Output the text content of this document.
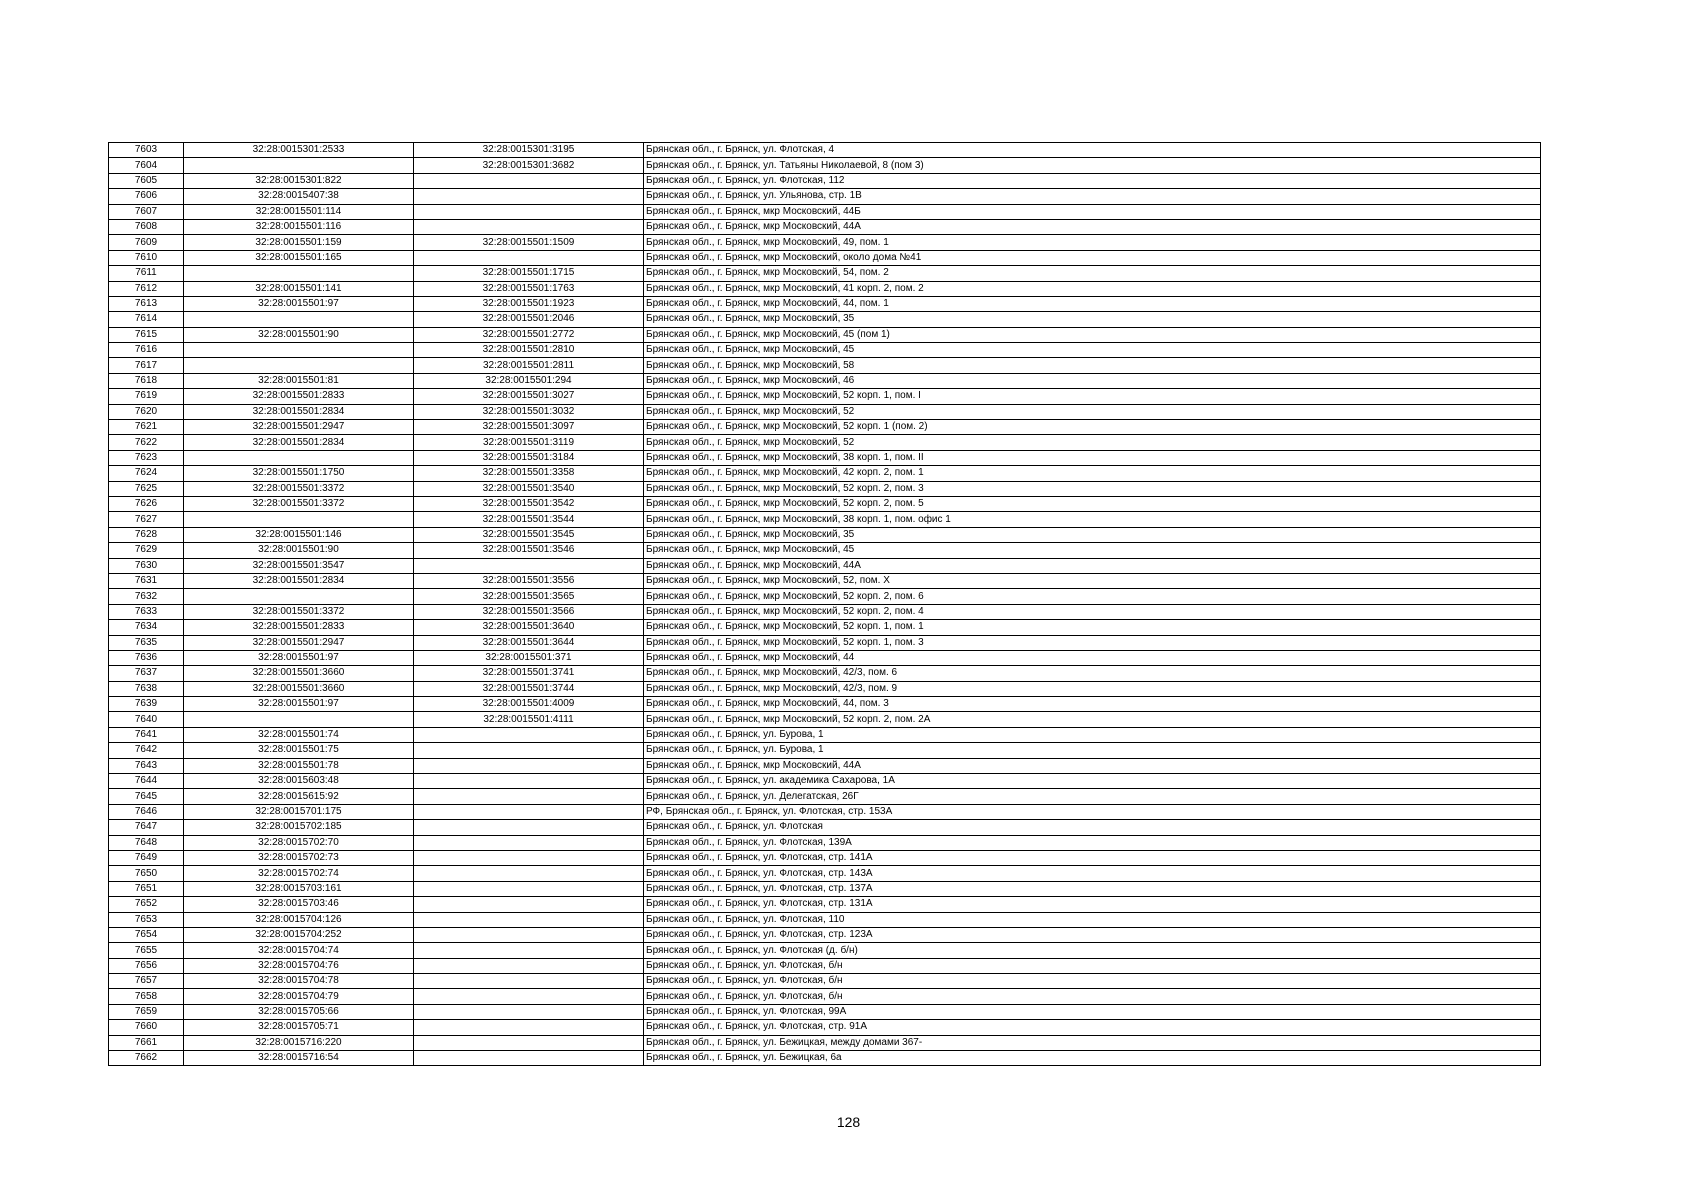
7603	32:28:0015301:2533	32:28:0015301:3195	Брянская обл., г. Брянск, ул. Флотская, 4
7604		32:28:0015301:3682	Брянская обл., г. Брянск, ул. Татьяны Николаевой, 8 (пом 3)
7605	32:28:0015301:822		Брянская обл., г. Брянск, ул. Флотская, 112
7606	32:28:0015407:38		Брянская обл., г. Брянск, ул. Ульянова, стр. 1В
7607	32:28:0015501:114		Брянская обл., г. Брянск, мкр Московский, 44Б
7608	32:28:0015501:116		Брянская обл., г. Брянск, мкр Московский, 44А
7609	32:28:0015501:159	32:28:0015501:1509	Брянская обл., г. Брянск, мкр Московский, 49, пом. 1
7610	32:28:0015501:165		Брянская обл., г. Брянск, мкр Московский, около дома №41
7611		32:28:0015501:1715	Брянская обл., г. Брянск, мкр Московский, 54, пом. 2
7612	32:28:0015501:141	32:28:0015501:1763	Брянская обл., г. Брянск, мкр Московский, 41 корп. 2, пом. 2
7613	32:28:0015501:97	32:28:0015501:1923	Брянская обл., г. Брянск, мкр Московский, 44, пом. 1
7614		32:28:0015501:2046	Брянская обл., г. Брянск, мкр Московский, 35
7615	32:28:0015501:90	32:28:0015501:2772	Брянская обл., г. Брянск, мкр Московский, 45 (пом 1)
7616		32:28:0015501:2810	Брянская обл., г. Брянск, мкр Московский, 45
7617		32:28:0015501:2811	Брянская обл., г. Брянск, мкр Московский, 58
7618	32:28:0015501:81	32:28:0015501:294	Брянская обл., г. Брянск, мкр Московский, 46
7619	32:28:0015501:2833	32:28:0015501:3027	Брянская обл., г. Брянск, мкр Московский, 52 корп. 1, пом. I
7620	32:28:0015501:2834	32:28:0015501:3032	Брянская обл., г. Брянск, мкр Московский, 52
7621	32:28:0015501:2947	32:28:0015501:3097	Брянская обл., г. Брянск, мкр Московский, 52 корп. 1 (пом. 2)
7622	32:28:0015501:2834	32:28:0015501:3119	Брянская обл., г. Брянск, мкр Московский, 52
7623		32:28:0015501:3184	Брянская обл., г. Брянск, мкр Московский, 38 корп. 1, пом. II
7624	32:28:0015501:1750	32:28:0015501:3358	Брянская обл., г. Брянск, мкр Московский, 42 корп. 2, пом. 1
7625	32:28:0015501:3372	32:28:0015501:3540	Брянская обл., г. Брянск, мкр Московский, 52 корп. 2, пом. 3
7626	32:28:0015501:3372	32:28:0015501:3542	Брянская обл., г. Брянск, мкр Московский, 52 корп. 2, пом. 5
7627		32:28:0015501:3544	Брянская обл., г. Брянск, мкр Московский, 38 корп. 1, пом. офис 1
7628	32:28:0015501:146	32:28:0015501:3545	Брянская обл., г. Брянск, мкр Московский, 35
7629	32:28:0015501:90	32:28:0015501:3546	Брянская обл., г. Брянск, мкр Московский, 45
7630	32:28:0015501:3547		Брянская обл., г. Брянск, мкр Московский, 44А
7631	32:28:0015501:2834	32:28:0015501:3556	Брянская обл., г. Брянск, мкр Московский, 52, пом. X
7632		32:28:0015501:3565	Брянская обл., г. Брянск, мкр Московский, 52 корп. 2, пом. 6
7633	32:28:0015501:3372	32:28:0015501:3566	Брянская обл., г. Брянск, мкр Московский, 52 корп. 2, пом. 4
7634	32:28:0015501:2833	32:28:0015501:3640	Брянская обл., г. Брянск, мкр Московский, 52 корп. 1, пом. 1
7635	32:28:0015501:2947	32:28:0015501:3644	Брянская обл., г. Брянск, мкр Московский, 52 корп. 1, пом. 3
7636	32:28:0015501:97	32:28:0015501:371	Брянская обл., г. Брянск, мкр Московский, 44
7637	32:28:0015501:3660	32:28:0015501:3741	Брянская обл., г. Брянск, мкр Московский, 42/3, пом. 6
7638	32:28:0015501:3660	32:28:0015501:3744	Брянская обл., г. Брянск, мкр Московский, 42/3, пом. 9
7639	32:28:0015501:97	32:28:0015501:4009	Брянская обл., г. Брянск, мкр Московский, 44, пом. 3
7640		32:28:0015501:4111	Брянская обл., г. Брянск, мкр Московский, 52 корп. 2, пом. 2А
7641	32:28:0015501:74		Брянская обл., г. Брянск, ул. Бурова, 1
7642	32:28:0015501:75		Брянская обл., г. Брянск, ул. Бурова, 1
7643	32:28:0015501:78		Брянская обл., г. Брянск, мкр Московский, 44А
7644	32:28:0015603:48		Брянская обл., г. Брянск, ул. академика Сахарова, 1А
7645	32:28:0015615:92		Брянская обл., г. Брянск, ул. Делегатская, 26Г
7646	32:28:0015701:175		РФ, Брянская обл., г. Брянск, ул. Флотская, стр. 153А
7647	32:28:0015702:185		Брянская обл., г. Брянск, ул. Флотская
7648	32:28:0015702:70		Брянская обл., г. Брянск, ул. Флотская, 139А
7649	32:28:0015702:73		Брянская обл., г. Брянск, ул. Флотская, стр. 141А
7650	32:28:0015702:74		Брянская обл., г. Брянск, ул. Флотская, стр. 143А
7651	32:28:0015703:161		Брянская обл., г. Брянск, ул. Флотская, стр. 137А
7652	32:28:0015703:46		Брянская обл., г. Брянск, ул. Флотская, стр. 131А
7653	32:28:0015704:126		Брянская обл., г. Брянск, ул. Флотская, 110
7654	32:28:0015704:252		Брянская обл., г. Брянск, ул. Флотская, стр. 123А
7655	32:28:0015704:74		Брянская обл., г. Брянск, ул. Флотская (д. б/н)
7656	32:28:0015704:76		Брянская обл., г. Брянск, ул. Флотская, б/н
7657	32:28:0015704:78		Брянская обл., г. Брянск, ул. Флотская, б/н
7658	32:28:0015704:79		Брянская обл., г. Брянск, ул. Флотская, б/н
7659	32:28:0015705:66		Брянская обл., г. Брянск, ул. Флотская, 99А
7660	32:28:0015705:71		Брянская обл., г. Брянск, ул. Флотская, стр. 91А
7661	32:28:0015716:220		Брянская обл., г. Брянск, ул. Бежицкая, между домами 367-
7662	32:28:0015716:54		Брянская обл., г. Брянск, ул. Бежицкая, 6а
128
